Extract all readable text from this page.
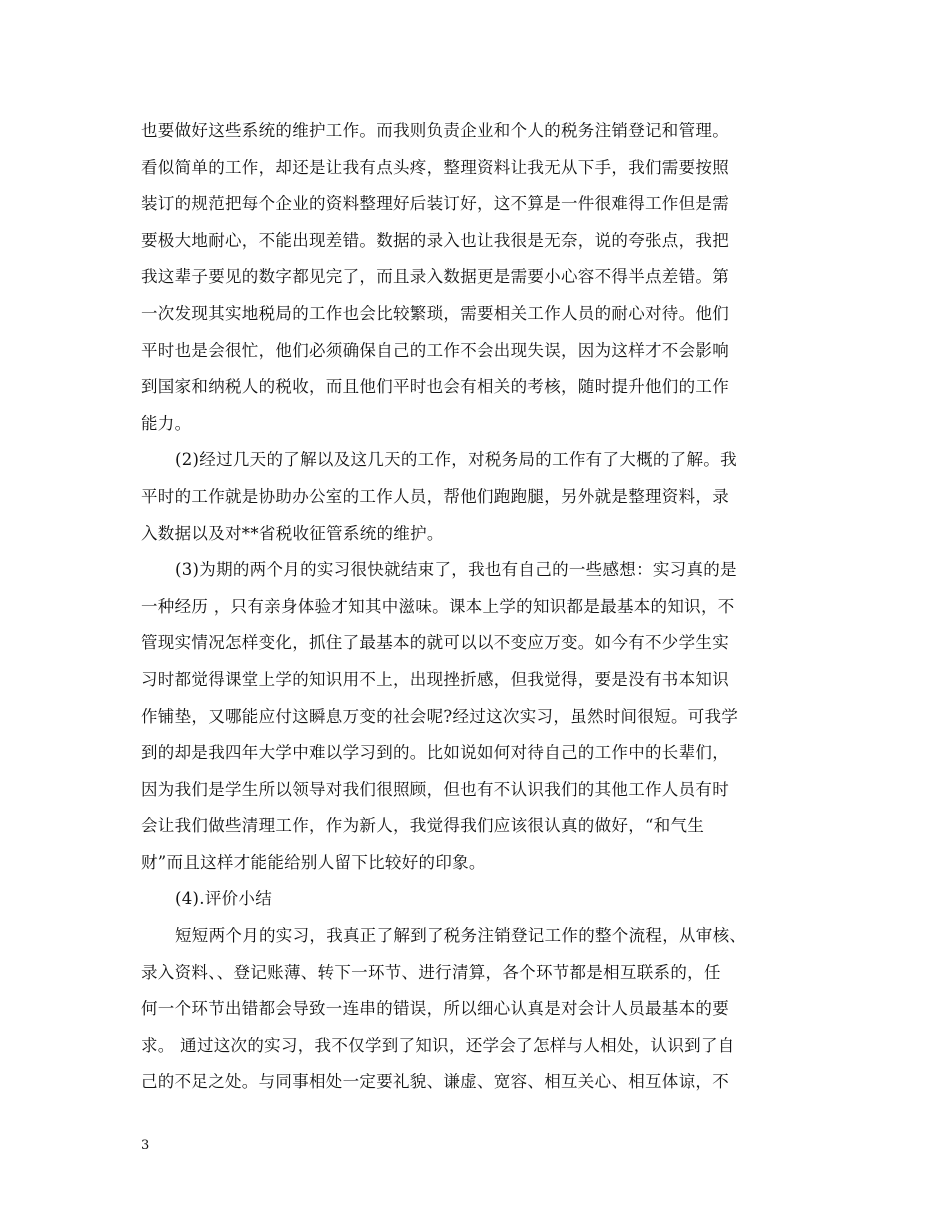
也要做好这些系统的维护工作。而我则负责企业和个人的税务注销登记和管理。
看似简单的工作，却还是让我有点头疼，整理资料让我无从下手，我们需要按照
装订的规范把每个企业的资料整理好后装订好，这不算是一件很难得工作但是需
要极大地耐心，不能出现差错。数据的录入也让我很是无奈，说的夸张点，我把
我这辈子要见的数字都见完了，而且录入数据更是需要小心容不得半点差错。第
一次发现其实地税局的工作也会比较繁琐，需要相关工作人员的耐心对待。他们
平时也是会很忙，他们必须确保自己的工作不会出现失误，因为这样才不会影响
到国家和纳税人的税收，而且他们平时也会有相关的考核，随时提升他们的工作
能力。
(2)经过几天的了解以及这几天的工作，对税务局的工作有了大概的了解。我
平时的工作就是协助办公室的工作人员，帮他们跑跑腿，另外就是整理资料，录
入数据以及对**省税收征管系统的维护。
(3)为期的两个月的实习很快就结束了，我也有自己的一些感想：实习真的是
一种经历 ，只有亲身体验才知其中滋味。课本上学的知识都是最基本的知识，不
管现实情况怎样变化，抓住了最基本的就可以以不变应万变。如今有不少学生实
习时都觉得课堂上学的知识用不上，出现挫折感，但我觉得，要是没有书本知识
作铺垫，又哪能应付这瞬息万变的社会呢?经过这次实习，虽然时间很短。可我学
到的却是我四年大学中难以学习到的。比如说如何对待自己的工作中的长辈们，
因为我们是学生所以领导对我们很照顾，但也有不认识我们的其他工作人员有时
会让我们做些清理工作，作为新人，我觉得我们应该很认真的做好，“和气生
财”而且这样才能能给别人留下比较好的印象。
(4).评价小结
短短两个月的实习，我真正了解到了税务注销登记工作的整个流程，从审核、
录入资料、、登记账薄、转下一环节、进行清算，各个环节都是相互联系的，任
何一个环节出错都会导致一连串的错误，所以细心认真是对会计人员最基本的要
求。 通过这次的实习，我不仅学到了知识，还学会了怎样与人相处，认识到了自
己的不足之处。与同事相处一定要礼貌、谦虚、宽容、相互关心、相互体谅，不
3
